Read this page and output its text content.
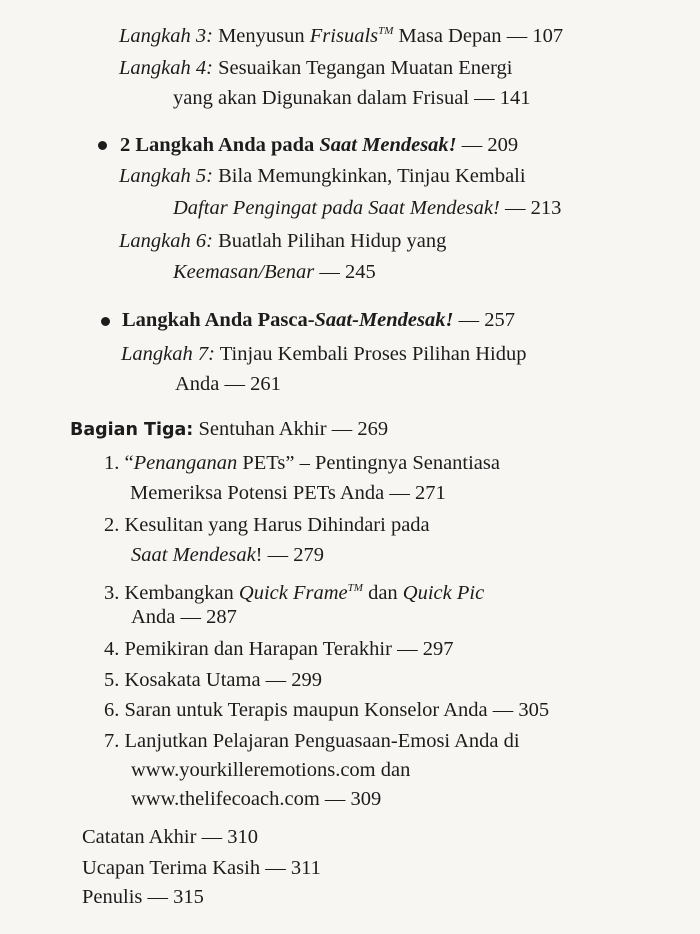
Langkah 3: Menyusun Frisuals™ Masa Depan — 107
Langkah 4: Sesuaikan Tegangan Muatan Energi
yang akan Digunakan dalam Frisual — 141
2 Langkah Anda pada Saat Mendesak! — 209
Langkah 5: Bila Memungkinkan, Tinjau Kembali
Daftar Pengingat pada Saat Mendesak! — 213
Langkah 6: Buatlah Pilihan Hidup yang
Keemasan/Benar — 245
Langkah Anda Pasca-Saat-Mendesak! — 257
Langkah 7: Tinjau Kembali Proses Pilihan Hidup
Anda — 261
Bagian Tiga: Sentuhan Akhir — 269
1. “Penanganan PETs” – Pentingnya Senantiasa
Memeriksa Potensi PETs Anda — 271
2. Kesulitan yang Harus Dihindari pada
Saat Mendesak! — 279
3. Kembangkan Quick Frame™ dan Quick Pic
Anda — 287
4. Pemikiran dan Harapan Terakhir — 297
5. Kosakata Utama — 299
6. Saran untuk Terapis maupun Konselor Anda — 305
7. Lanjutkan Pelajaran Penguasaan-Emosi Anda di
www.yourkilleremotions.com dan
www.thelifecoach.com — 309
Catatan Akhir — 310
Ucapan Terima Kasih — 311
Penulis — 315
